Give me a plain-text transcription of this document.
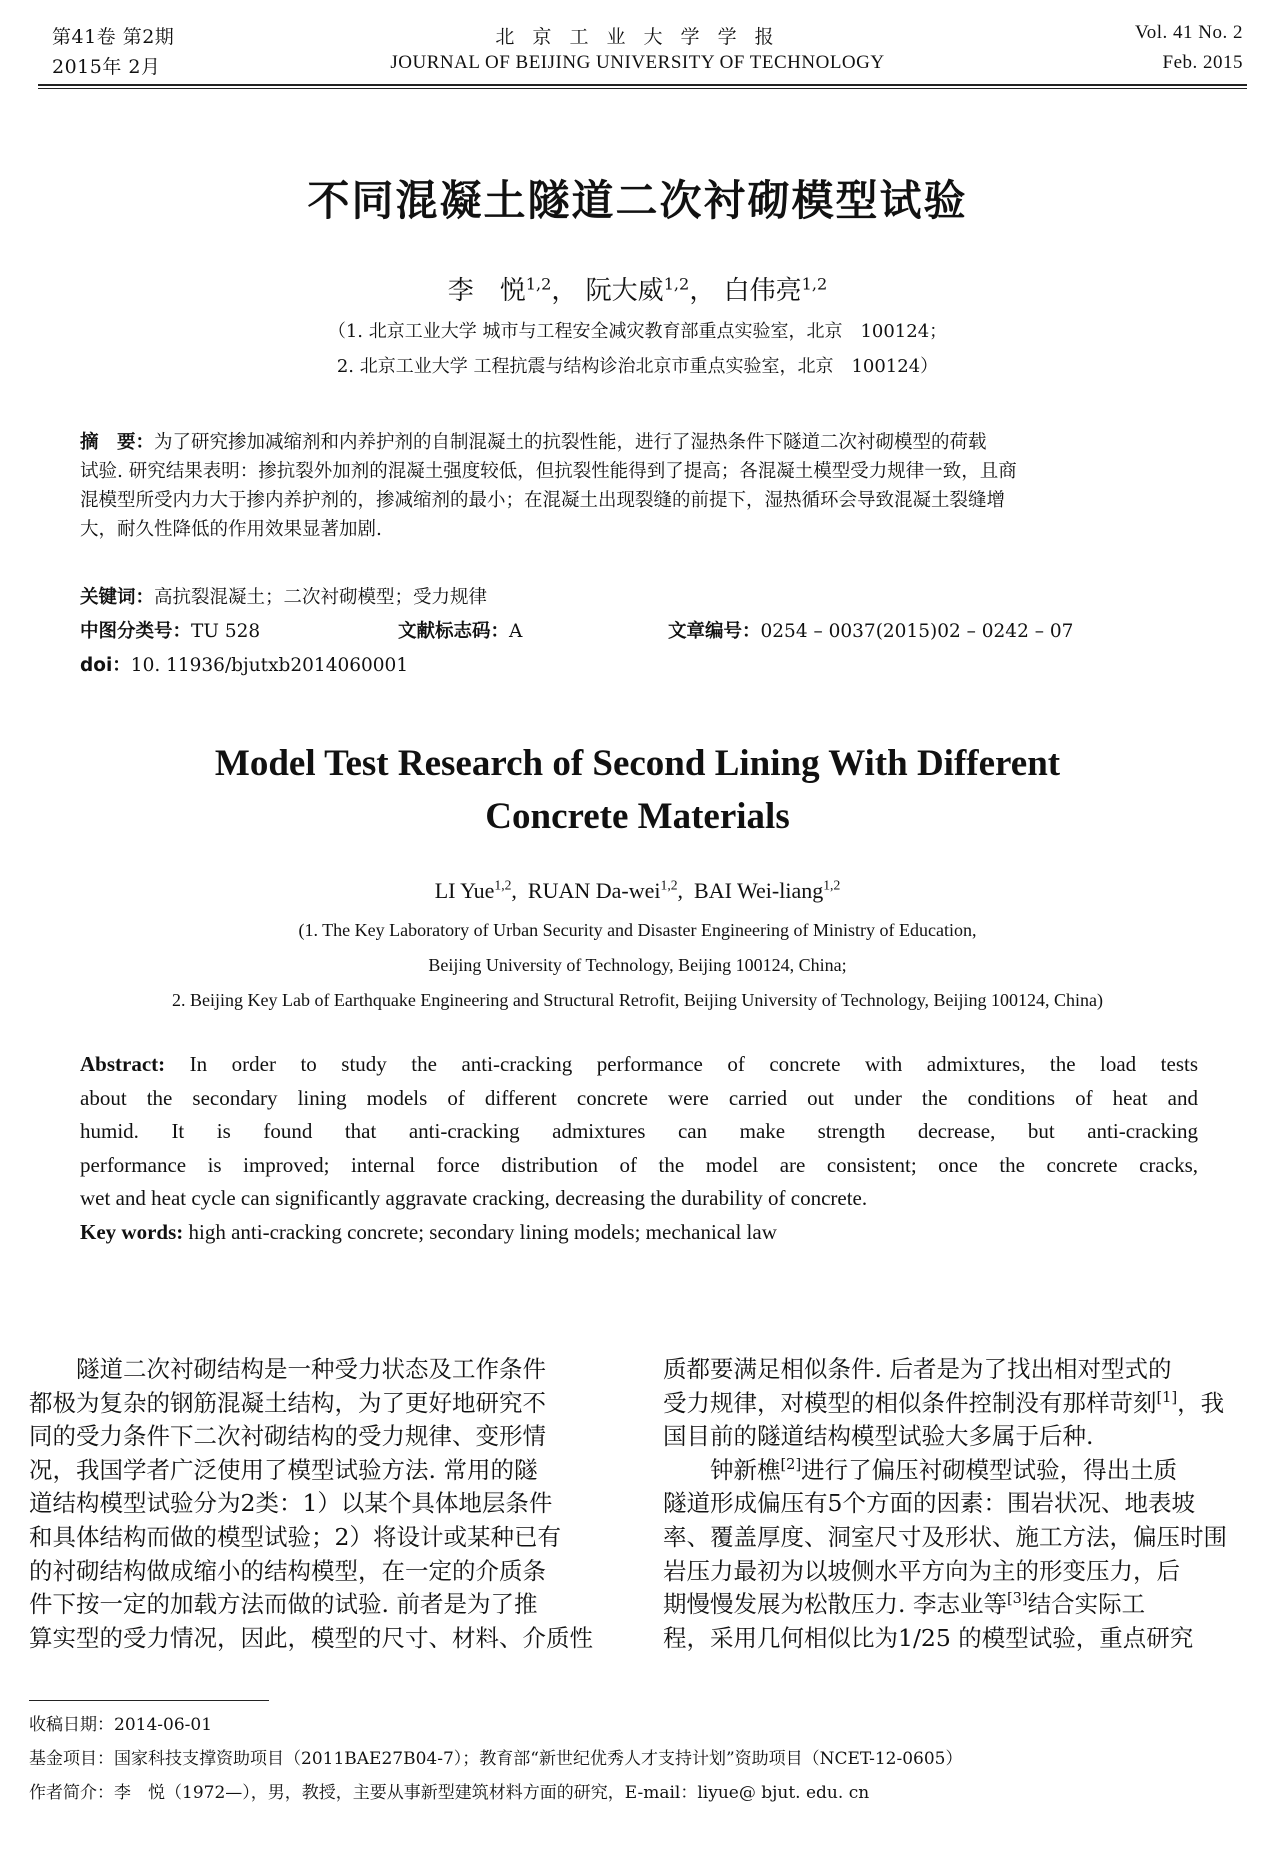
第41卷 第2期
2015年 2月
北 京 工 业 大 学 学 报
JOURNAL OF BEIJING UNIVERSITY OF TECHNOLOGY
Vol. 41 No. 2
Feb. 2015
不同混凝土隧道二次衬砌模型试验
李　悦$^{1,2}$， 阮大威$^{1,2}$， 白伟亮$^{1,2}$
（1. 北京工业大学 城市与工程安全减灾教育部重点实验室，北京　100124；
2. 北京工业大学 工程抗震与结构诊治北京市重点实验室，北京　100124）
摘　要：为了研究掺加减缩剂和内养护剂的自制混凝土的抗裂性能，进行了湿热条件下隧道二次衬砌模型的荷载
试验. 研究结果表明：掺抗裂外加剂的混凝土强度较低，但抗裂性能得到了提高；各混凝土模型受力规律一致，且商
混模型所受内力大于掺内养护剂的，掺减缩剂的最小；在混凝土出现裂缝的前提下，湿热循环会导致混凝土裂缝增
大，耐久性降低的作用效果显著加剧.
关键词：高抗裂混凝土；二次衬砌模型；受力规律
中图分类号：TU 528	文献标志码：A	文章编号：0254 – 0037(2015)02 – 0242 – 07
doi：10. 11936/bjutxb2014060001
Model Test Research of Second Lining With Different
Concrete Materials
LI Yue$^{1,2}$,  RUAN Da-wei$^{1,2}$,  BAI Wei-liang$^{1,2}$
(1. The Key Laboratory of Urban Security and Disaster Engineering of Ministry of Education,
Beijing University of Technology, Beijing 100124, China;
2. Beijing Key Lab of Earthquake Engineering and Structural Retrofit, Beijing University of Technology, Beijing 100124, China)
Abstract: In order to study the anti-cracking performance of concrete with admixtures, the load tests
about the secondary lining models of different concrete were carried out under the conditions of heat and
humid. It is found that anti-cracking admixtures can make strength decrease, but anti-cracking
performance is improved; internal force distribution of the model are consistent; once the concrete cracks,
wet and heat cycle can significantly aggravate cracking, decreasing the durability of concrete.
Key words: high anti-cracking concrete; secondary lining models; mechanical law
　　隧道二次衬砌结构是一种受力状态及工作条件
都极为复杂的钢筋混凝土结构，为了更好地研究不
同的受力条件下二次衬砌结构的受力规律、变形情
况，我国学者广泛使用了模型试验方法. 常用的隧
道结构模型试验分为2类：1）以某个具体地层条件
和具体结构而做的模型试验；2）将设计或某种已有
的衬砌结构做成缩小的结构模型，在一定的介质条
件下按一定的加载方法而做的试验. 前者是为了推
算实型的受力情况，因此，模型的尺寸、材料、介质性
质都要满足相似条件. 后者是为了找出相对型式的
受力规律，对模型的相似条件控制没有那样苛刻[1]，我
国目前的隧道结构模型试验大多属于后种.
　　钟新樵[2]进行了偏压衬砌模型试验，得出土质
隧道形成偏压有5个方面的因素：围岩状况、地表坡
率、覆盖厚度、洞室尺寸及形状、施工方法，偏压时围
岩压力最初为以坡侧水平方向为主的形变压力，后
期慢慢发展为松散压力. 李志业等[3]结合实际工
程，采用几何相似比为1/25 的模型试验，重点研究
收稿日期：2014-06-01
基金项目：国家科技支撑资助项目（2011BAE27B04-7）；教育部“新世纪优秀人才支持计划”资助项目（NCET-12-0605）
作者简介：李　悦（1972—），男，教授，主要从事新型建筑材料方面的研究，E-mail：liyue@ bjut. edu. cn
